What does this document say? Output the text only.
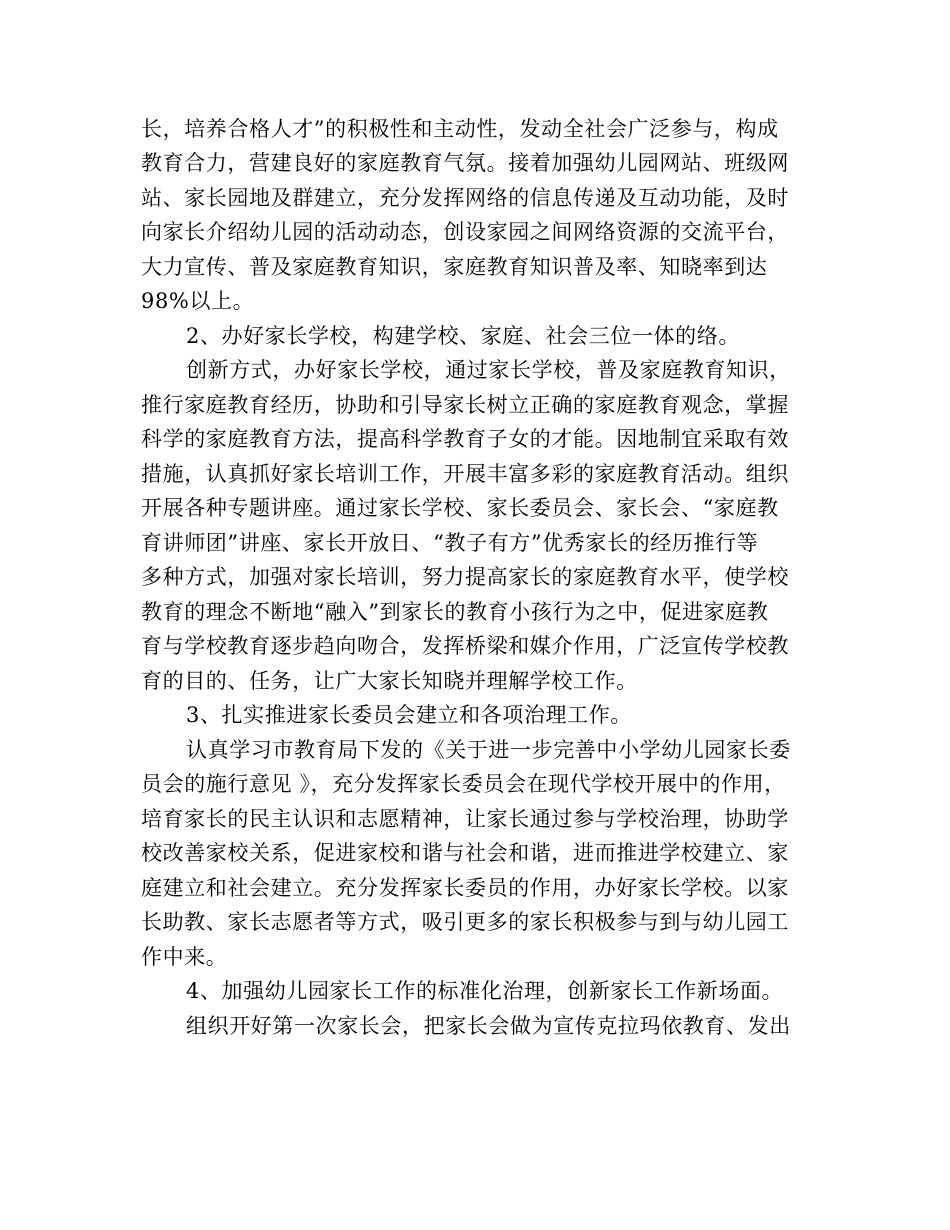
长，培养合格人才”的积极性和主动性，发动全社会广泛参与，构成
教育合力，营建良好的家庭教育气氛。接着加强幼儿园网站、班级网
站、家长园地及群建立，充分发挥网络的信息传递及互动功能，及时
向家长介绍幼儿园的活动动态，创设家园之间网络资源的交流平台，
大力宣传、普及家庭教育知识，家庭教育知识普及率、知晓率到达
98%以上。
2、办好家长学校，构建学校、家庭、社会三位一体的络。
创新方式，办好家长学校，通过家长学校，普及家庭教育知识，
推行家庭教育经历，协助和引导家长树立正确的家庭教育观念，掌握
科学的家庭教育方法，提高科学教育子女的才能。因地制宜采取有效
措施，认真抓好家长培训工作，开展丰富多彩的家庭教育活动。组织
开展各种专题讲座。通过家长学校、家长委员会、家长会、“家庭教
育讲师团”讲座、家长开放日、“教子有方”优秀家长的经历推行等
多种方式，加强对家长培训，努力提高家长的家庭教育水平，使学校
教育的理念不断地“融入”到家长的教育小孩行为之中，促进家庭教
育与学校教育逐步趋向吻合，发挥桥梁和媒介作用，广泛宣传学校教
育的目的、任务，让广大家长知晓并理解学校工作。
3、扎实推进家长委员会建立和各项治理工作。
认真学习市教育局下发的《关于进一步完善中小学幼儿园家长委
员会的施行意见 》，充分发挥家长委员会在现代学校开展中的作用，
培育家长的民主认识和志愿精神，让家长通过参与学校治理，协助学
校改善家校关系，促进家校和谐与社会和谐，进而推进学校建立、家
庭建立和社会建立。充分发挥家长委员的作用，办好家长学校。以家
长助教、家长志愿者等方式，吸引更多的家长积极参与到与幼儿园工
作中来。
4、加强幼儿园家长工作的标准化治理，创新家长工作新场面。
组织开好第一次家长会，把家长会做为宣传克拉玛依教育、发出
